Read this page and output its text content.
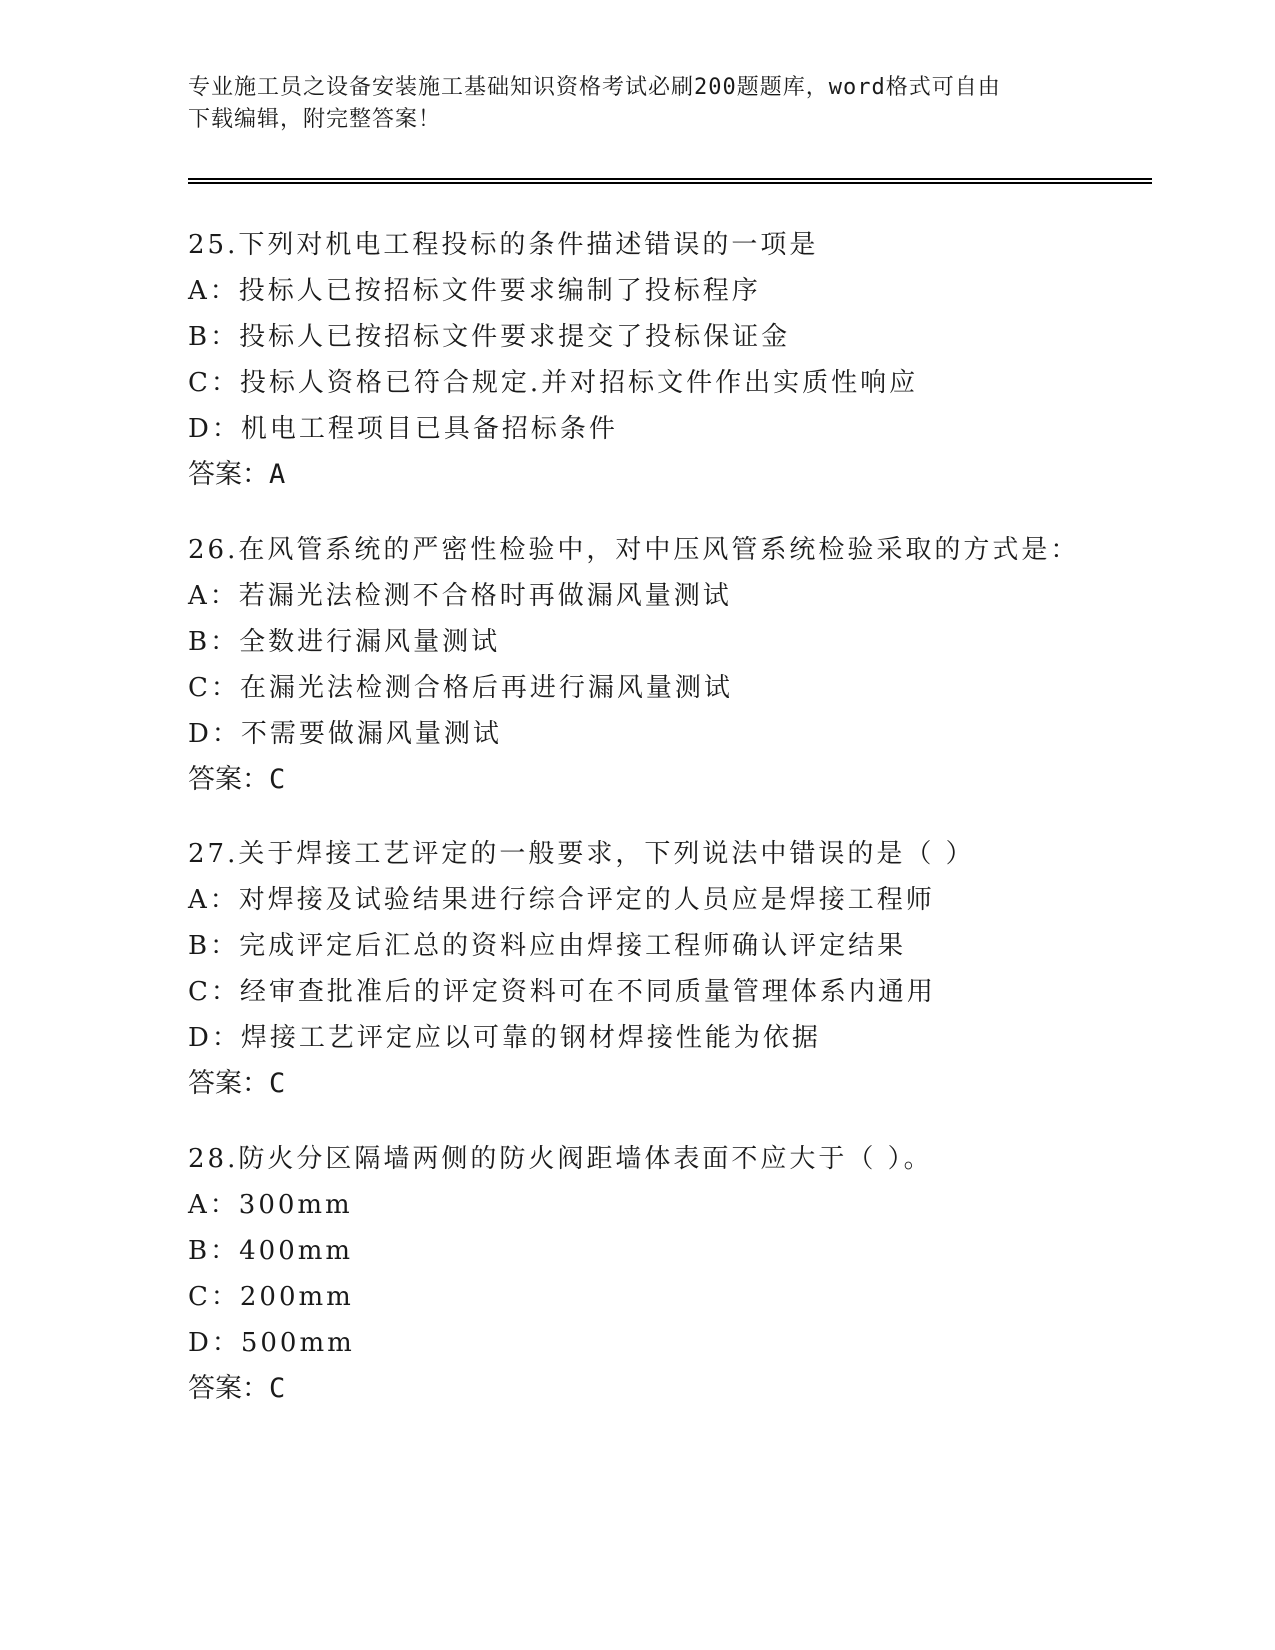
专业施工员之设备安装施工基础知识资格考试必刷200题题库，word格式可自由
下载编辑，附完整答案！
25.下列对机电工程投标的条件描述错误的一项是
A：投标人已按招标文件要求编制了投标程序
B：投标人已按招标文件要求提交了投标保证金
C：投标人资格已符合规定.并对招标文件作出实质性响应
D：机电工程项目已具备招标条件
答案：A
26.在风管系统的严密性检验中，对中压风管系统检验采取的方式是：
A：若漏光法检测不合格时再做漏风量测试
B：全数进行漏风量测试
C：在漏光法检测合格后再进行漏风量测试
D：不需要做漏风量测试
答案：C
27.关于焊接工艺评定的一般要求，下列说法中错误的是（ ）
A：对焊接及试验结果进行综合评定的人员应是焊接工程师
B：完成评定后汇总的资料应由焊接工程师确认评定结果
C：经审查批准后的评定资料可在不同质量管理体系内通用
D：焊接工艺评定应以可靠的钢材焊接性能为依据
答案：C
28.防火分区隔墙两侧的防火阀距墙体表面不应大于（ ）。
A：300mm
B：400mm
C：200mm
D：500mm
答案：C
